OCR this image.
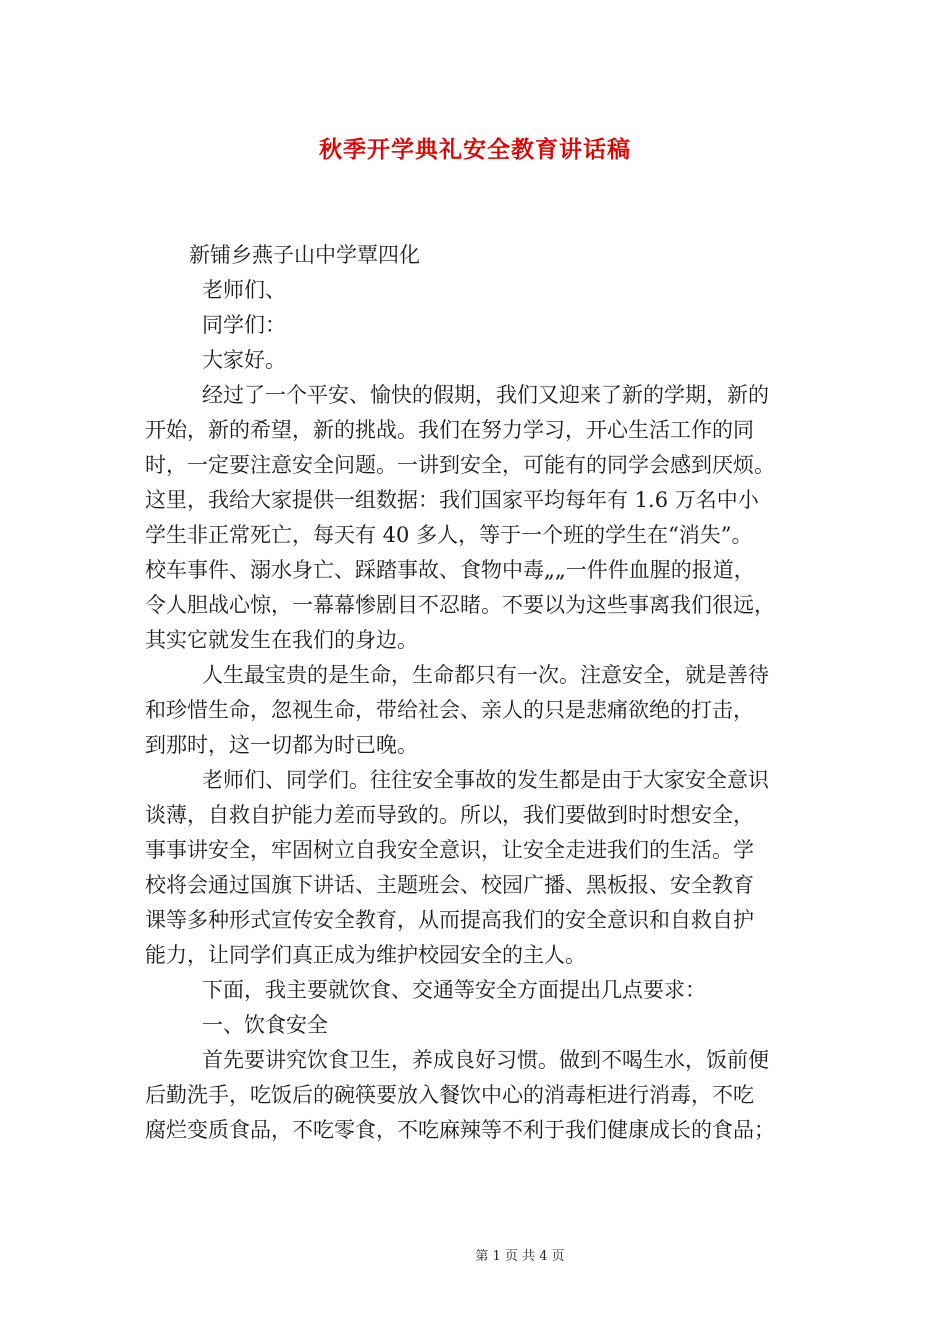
秋季开学典礼安全教育讲话稿
新铺乡燕子山中学覃四化
老师们、
同学们：
大家好。
经过了一个平安、愉快的假期，我们又迎来了新的学期，新的
开始，新的希望，新的挑战。我们在努力学习，开心生活工作的同
时，一定要注意安全问题。一讲到安全，可能有的同学会感到厌烦。
这里，我给大家提供一组数据：我们国家平均每年有 1.6 万名中小
学生非正常死亡，每天有 40 多人，等于一个班的学生在“消失”。
校车事件、溺水身亡、踩踏事故、食物中毒„„一件件血腥的报道，
令人胆战心惊，一幕幕惨剧目不忍睹。不要以为这些事离我们很远，
其实它就发生在我们的身边。
人生最宝贵的是生命，生命都只有一次。注意安全，就是善待
和珍惜生命，忽视生命，带给社会、亲人的只是悲痛欲绝的打击，
到那时，这一切都为时已晚。
老师们、同学们。往往安全事故的发生都是由于大家安全意识
谈薄，自救自护能力差而导致的。所以，我们要做到时时想安全，
事事讲安全，牢固树立自我安全意识，让安全走进我们的生活。学
校将会通过国旗下讲话、主题班会、校园广播、黑板报、安全教育
课等多种形式宣传安全教育，从而提高我们的安全意识和自救自护
能力，让同学们真正成为维护校园安全的主人。
下面，我主要就饮食、交通等安全方面提出几点要求：
一、饮食安全
首先要讲究饮食卫生，养成良好习惯。做到不喝生水，饭前便
后勤洗手，吃饭后的碗筷要放入餐饮中心的消毒柜进行消毒，不吃
腐烂变质食品，不吃零食，不吃麻辣等不利于我们健康成长的食品；
第 1 页 共 4 页
